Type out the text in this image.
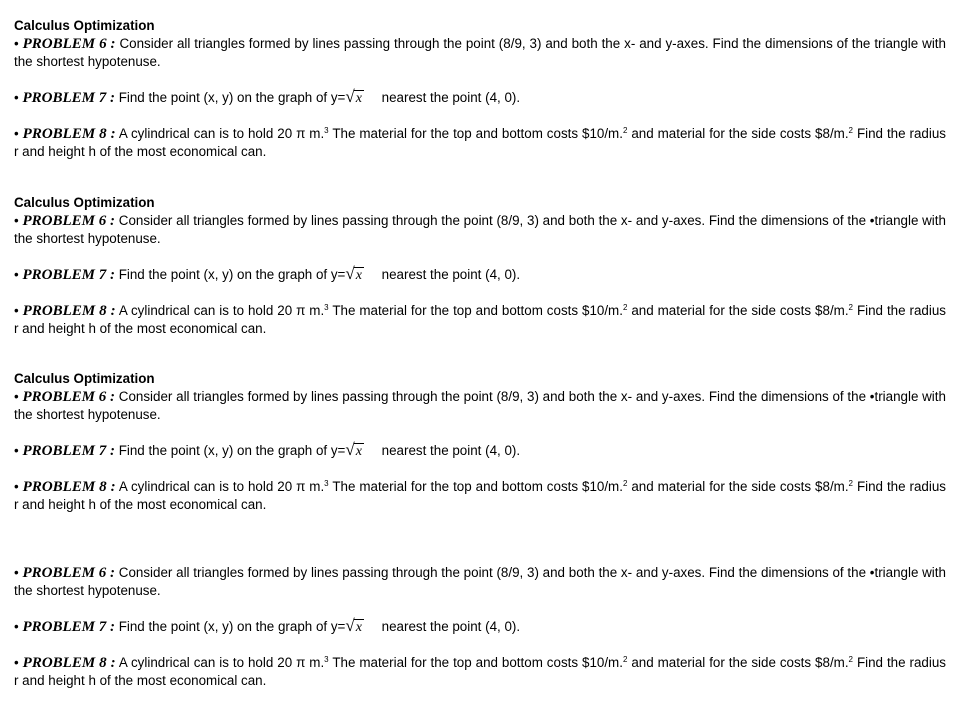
Calculus Optimization

• PROBLEM 6 : Consider all triangles formed by lines passing through the point (8/9, 3) and both the x- and y-axes. Find the dimensions of the triangle with the shortest hypotenuse.

• PROBLEM 7 : Find the point (x, y) on the graph of y=√x nearest the point (4, 0).

• PROBLEM 8 : A cylindrical can is to hold 20 π m.$^3$ The material for the top and bottom costs $10/m.$^2$ and material for the side costs $8/m.$^2$ Find the radius r and height h of the most economical can.

Calculus Optimization

• PROBLEM 6 : Consider all triangles formed by lines passing through the point (8/9, 3) and both the x- and y-axes. Find the dimensions of the •triangle with the shortest hypotenuse.

• PROBLEM 7 : Find the point (x, y) on the graph of y=√x nearest the point (4, 0).

• PROBLEM 8 : A cylindrical can is to hold 20 π m.$^3$ The material for the top and bottom costs $10/m.$^2$ and material for the side costs $8/m.$^2$ Find the radius r and height h of the most economical can.

Calculus Optimization

• PROBLEM 6 : Consider all triangles formed by lines passing through the point (8/9, 3) and both the x- and y-axes. Find the dimensions of the •triangle with the shortest hypotenuse.

• PROBLEM 7 : Find the point (x, y) on the graph of y=√x nearest the point (4, 0).

• PROBLEM 8 : A cylindrical can is to hold 20 π m.$^3$ The material for the top and bottom costs $10/m.$^2$ and material for the side costs $8/m.$^2$ Find the radius r and height h of the most economical can.

• PROBLEM 6 : Consider all triangles formed by lines passing through the point (8/9, 3) and both the x- and y-axes. Find the dimensions of the •triangle with the shortest hypotenuse.

• PROBLEM 7 : Find the point (x, y) on the graph of y=√x nearest the point (4, 0).

• PROBLEM 8 : A cylindrical can is to hold 20 π m.$^3$ The material for the top and bottom costs $10/m.$^2$ and material for the side costs $8/m.$^2$ Find the radius r and height h of the most economical can.
